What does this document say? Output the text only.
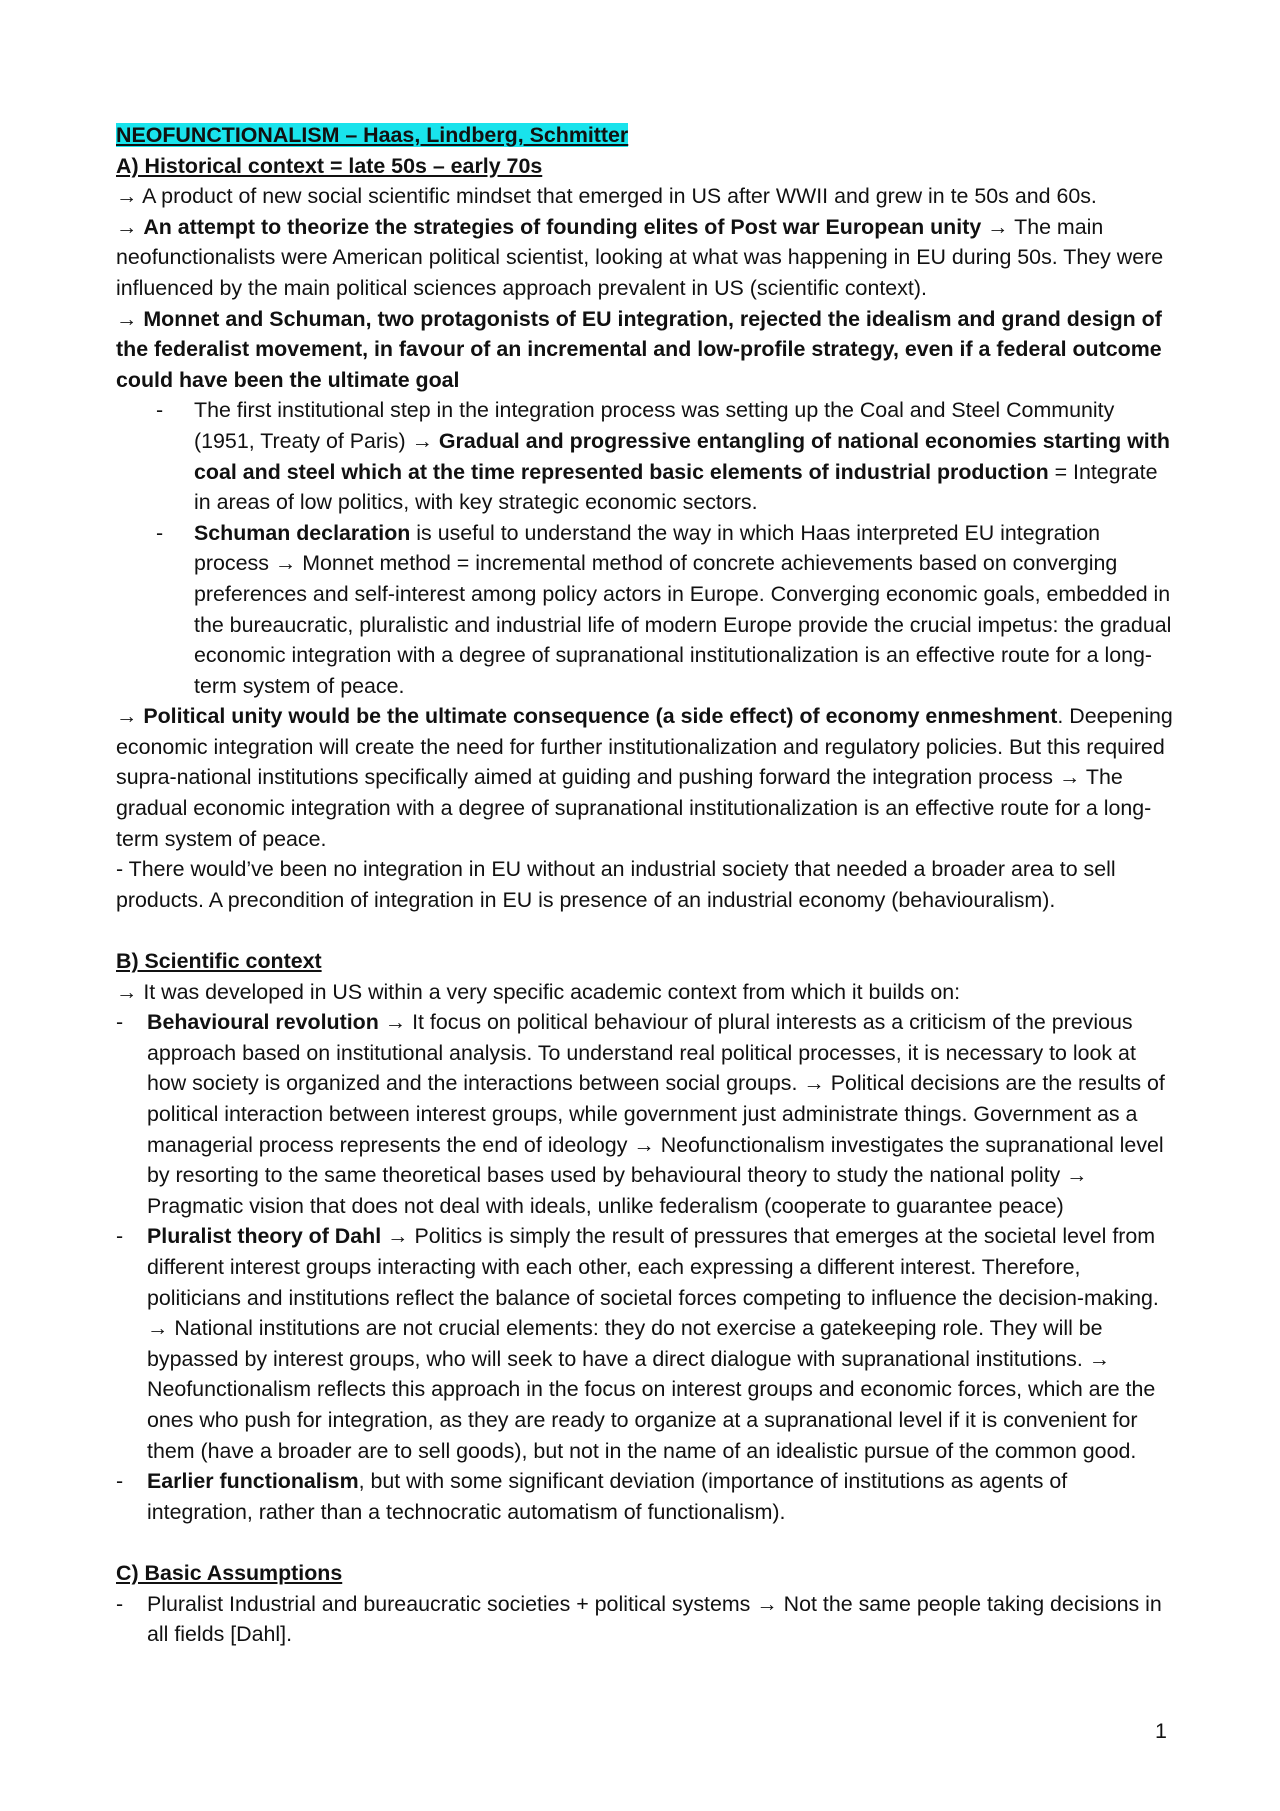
NEOFUNCTIONALISM – Haas, Lindberg, Schmitter

A) Historical context = late 50s – early 70s

→ A product of new social scientific mindset that emerged in US after WWII and grew in te 50s and 60s.

→ An attempt to theorize the strategies of founding elites of Post war European unity → The main neofunctionalists were American political scientist, looking at what was happening in EU during 50s. They were influenced by the main political sciences approach prevalent in US (scientific context).

→ Monnet and Schuman, two protagonists of EU integration, rejected the idealism and grand design of the federalist movement, in favour of an incremental and low-profile strategy, even if a federal outcome could have been the ultimate goal

- The first institutional step in the integration process was setting up the Coal and Steel Community (1951, Treaty of Paris) → Gradual and progressive entangling of national economies starting with coal and steel which at the time represented basic elements of industrial production = Integrate in areas of low politics, with key strategic economic sectors.
- Schuman declaration is useful to understand the way in which Haas interpreted EU integration process → Monnet method = incremental method of concrete achievements based on converging preferences and self-interest among policy actors in Europe. Converging economic goals, embedded in the bureaucratic, pluralistic and industrial life of modern Europe provide the crucial impetus: the gradual economic integration with a degree of supranational institutionalization is an effective route for a long-term system of peace.

→ Political unity would be the ultimate consequence (a side effect) of economy enmeshment. Deepening economic integration will create the need for further institutionalization and regulatory policies. But this required supra-national institutions specifically aimed at guiding and pushing forward the integration process → The gradual economic integration with a degree of supranational institutionalization is an effective route for a long-term system of peace.

- There would’ve been no integration in EU without an industrial society that needed a broader area to sell products. A precondition of integration in EU is presence of an industrial economy (behaviouralism).

B) Scientific context

→ It was developed in US within a very specific academic context from which it builds on:

- Behavioural revolution → It focus on political behaviour of plural interests as a criticism of the previous approach based on institutional analysis. To understand real political processes, it is necessary to look at how society is organized and the interactions between social groups. → Political decisions are the results of political interaction between interest groups, while government just administrate things. Government as a managerial process represents the end of ideology → Neofunctionalism investigates the supranational level by resorting to the same theoretical bases used by behavioural theory to study the national polity → Pragmatic vision that does not deal with ideals, unlike federalism (cooperate to guarantee peace)
- Pluralist theory of Dahl → Politics is simply the result of pressures that emerges at the societal level from different interest groups interacting with each other, each expressing a different interest. Therefore, politicians and institutions reflect the balance of societal forces competing to influence the decision-making. → National institutions are not crucial elements: they do not exercise a gatekeeping role. They will be bypassed by interest groups, who will seek to have a direct dialogue with supranational institutions. → Neofunctionalism reflects this approach in the focus on interest groups and economic forces, which are the ones who push for integration, as they are ready to organize at a supranational level if it is convenient for them (have a broader are to sell goods), but not in the name of an idealistic pursue of the common good.
- Earlier functionalism, but with some significant deviation (importance of institutions as agents of integration, rather than a technocratic automatism of functionalism).

C) Basic Assumptions

- Pluralist Industrial and bureaucratic societies + political systems → Not the same people taking decisions in all fields [Dahl].
1
